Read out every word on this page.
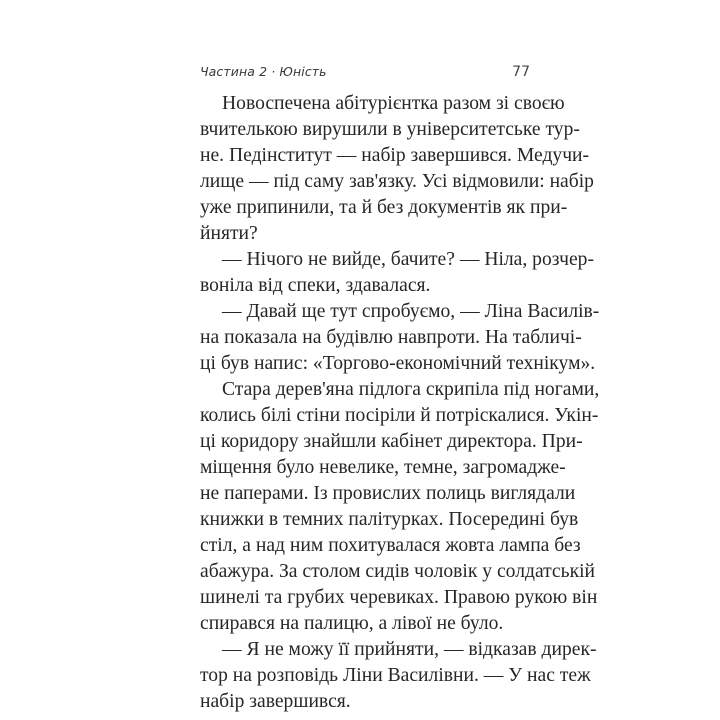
Частина 2 · Юність	77
Новоспечена абітурієнтка разом зі своєю
вчителькою вирушили в університетське тур-
не. Педінститут — набір завершився. Медучи-
лище — під саму зав'язку. Усі відмовили: набір
уже припинили, та й без документів як при-
йняти?
— Нічого не вийде, бачите? — Ніла, розчер-
воніла від спеки, здавалася.
— Давай ще тут спробуємо, — Ліна Василів-
на показала на будівлю навпроти. На табличі-
ці був напис: «Торгово-економічний технікум».
Стара дерев'яна підлога скрипіла під ногами,
колись білі стіни посіріли й потріскалися. Укін-
ці коридору знайшли кабінет директора. При-
міщення було невелике, темне, загромадже-
не паперами. Із провислих полиць виглядали
книжки в темних палітурках. Посередині був
стіл, а над ним похитувалася жовта лампа без
абажура. За столом сидів чоловік у солдатській
шинелі та грубих черевиках. Правою рукою він
спирався на палицю, а лівої не було.
— Я не можу її прийняти, — відказав дирек-
тор на розповідь Ліни Василівни. — У нас теж
набір завершився.
